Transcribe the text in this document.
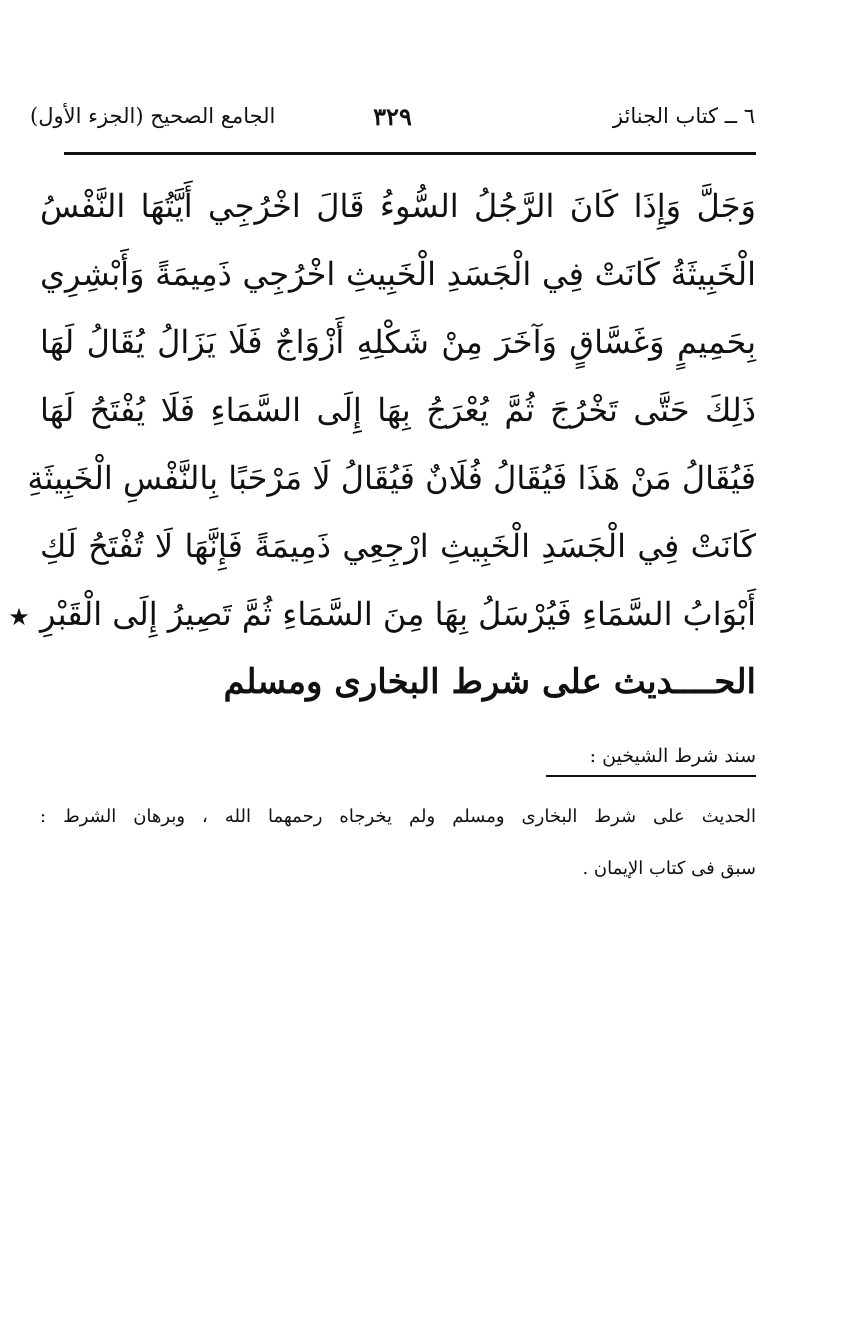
٦ ــ كتاب الجنائز
٣٢٩
الجامع الصحيح (الجزء الأول)
وَجَلَّ وَإِذَا كَانَ الرَّجُلُ السُّوءُ قَالَ اخْرُجِي أَيَّتُهَا النَّفْسُ
الْخَبِيثَةُ كَانَتْ فِي الْجَسَدِ الْخَبِيثِ اخْرُجِي ذَمِيمَةً وَأَبْشِرِي
بِحَمِيمٍ وَغَسَّاقٍ وَآخَرَ مِنْ شَكْلِهِ أَزْوَاجٌ فَلَا يَزَالُ يُقَالُ لَهَا
ذَلِكَ حَتَّى تَخْرُجَ ثُمَّ يُعْرَجُ بِهَا إِلَى السَّمَاءِ فَلَا يُفْتَحُ لَهَا
فَيُقَالُ مَنْ هَذَا فَيُقَالُ فُلَانٌ فَيُقَالُ لَا مَرْحَبًا بِالنَّفْسِ الْخَبِيثَةِ
كَانَتْ فِي الْجَسَدِ الْخَبِيثِ ارْجِعِي ذَمِيمَةً فَإِنَّهَا لَا تُفْتَحُ لَكِ
أَبْوَابُ السَّمَاءِ فَيُرْسَلُ بِهَا مِنَ السَّمَاءِ ثُمَّ تَصِيرُ إِلَى الْقَبْرِ ★
الحــــديث على شرط البخارى ومسلم
سند شرط الشيخين :
الحديث على شرط البخارى ومسلم ولم يخرجاه رحمهما الله ، وبرهان الشرط :
سبق فى كتاب الإيمان .
